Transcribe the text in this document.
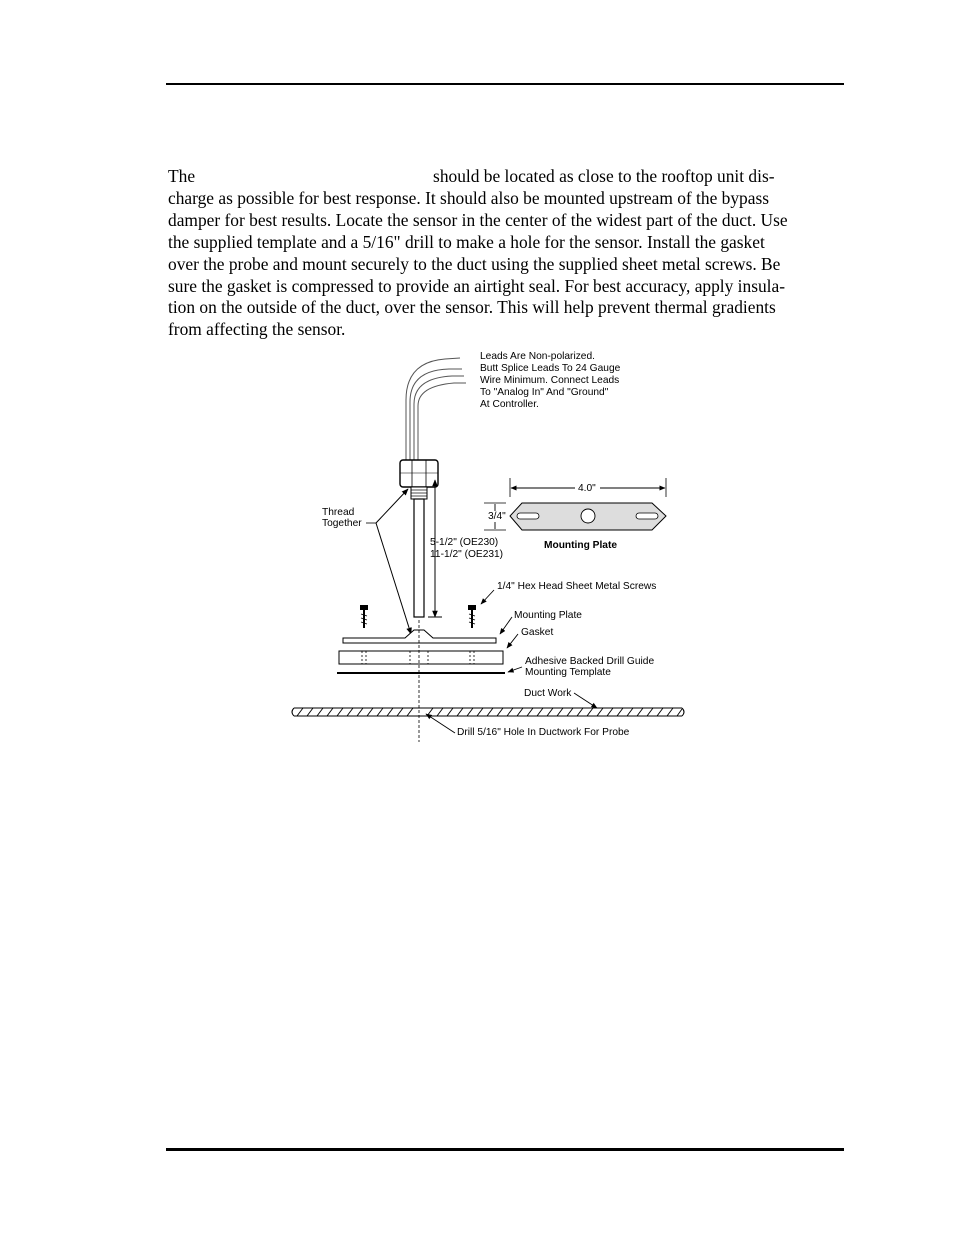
The	should be located as close to the rooftop unit dis-
charge as possible for best response. It should also be mounted upstream of the bypass
damper for best results. Locate the sensor in the center of the widest part of the duct. Use
the supplied template and a 5/16" drill to make a hole for the sensor. Install the gasket
over the probe and mount securely to the duct using the supplied sheet metal screws. Be
sure the gasket is compressed to provide an airtight seal. For best accuracy, apply insula-
tion on the outside of the duct, over the sensor. This will help prevent thermal gradients
from affecting the sensor.

Leads Are Non-polarized.
Butt Splice Leads To 24 Gauge
Wire Minimum. Connect Leads
To "Analog In" And "Ground"
At Controller.
5-1/2" (OE230)
11-1/2" (OE231)
Thread
Together
4.0"
3/4"
Mounting Plate
1/4" Hex Head Sheet Metal Screws
Mounting Plate
Gasket
Adhesive Backed Drill Guide
Mounting Template
Duct Work
Drill 5/16" Hole In Ductwork For Probe
